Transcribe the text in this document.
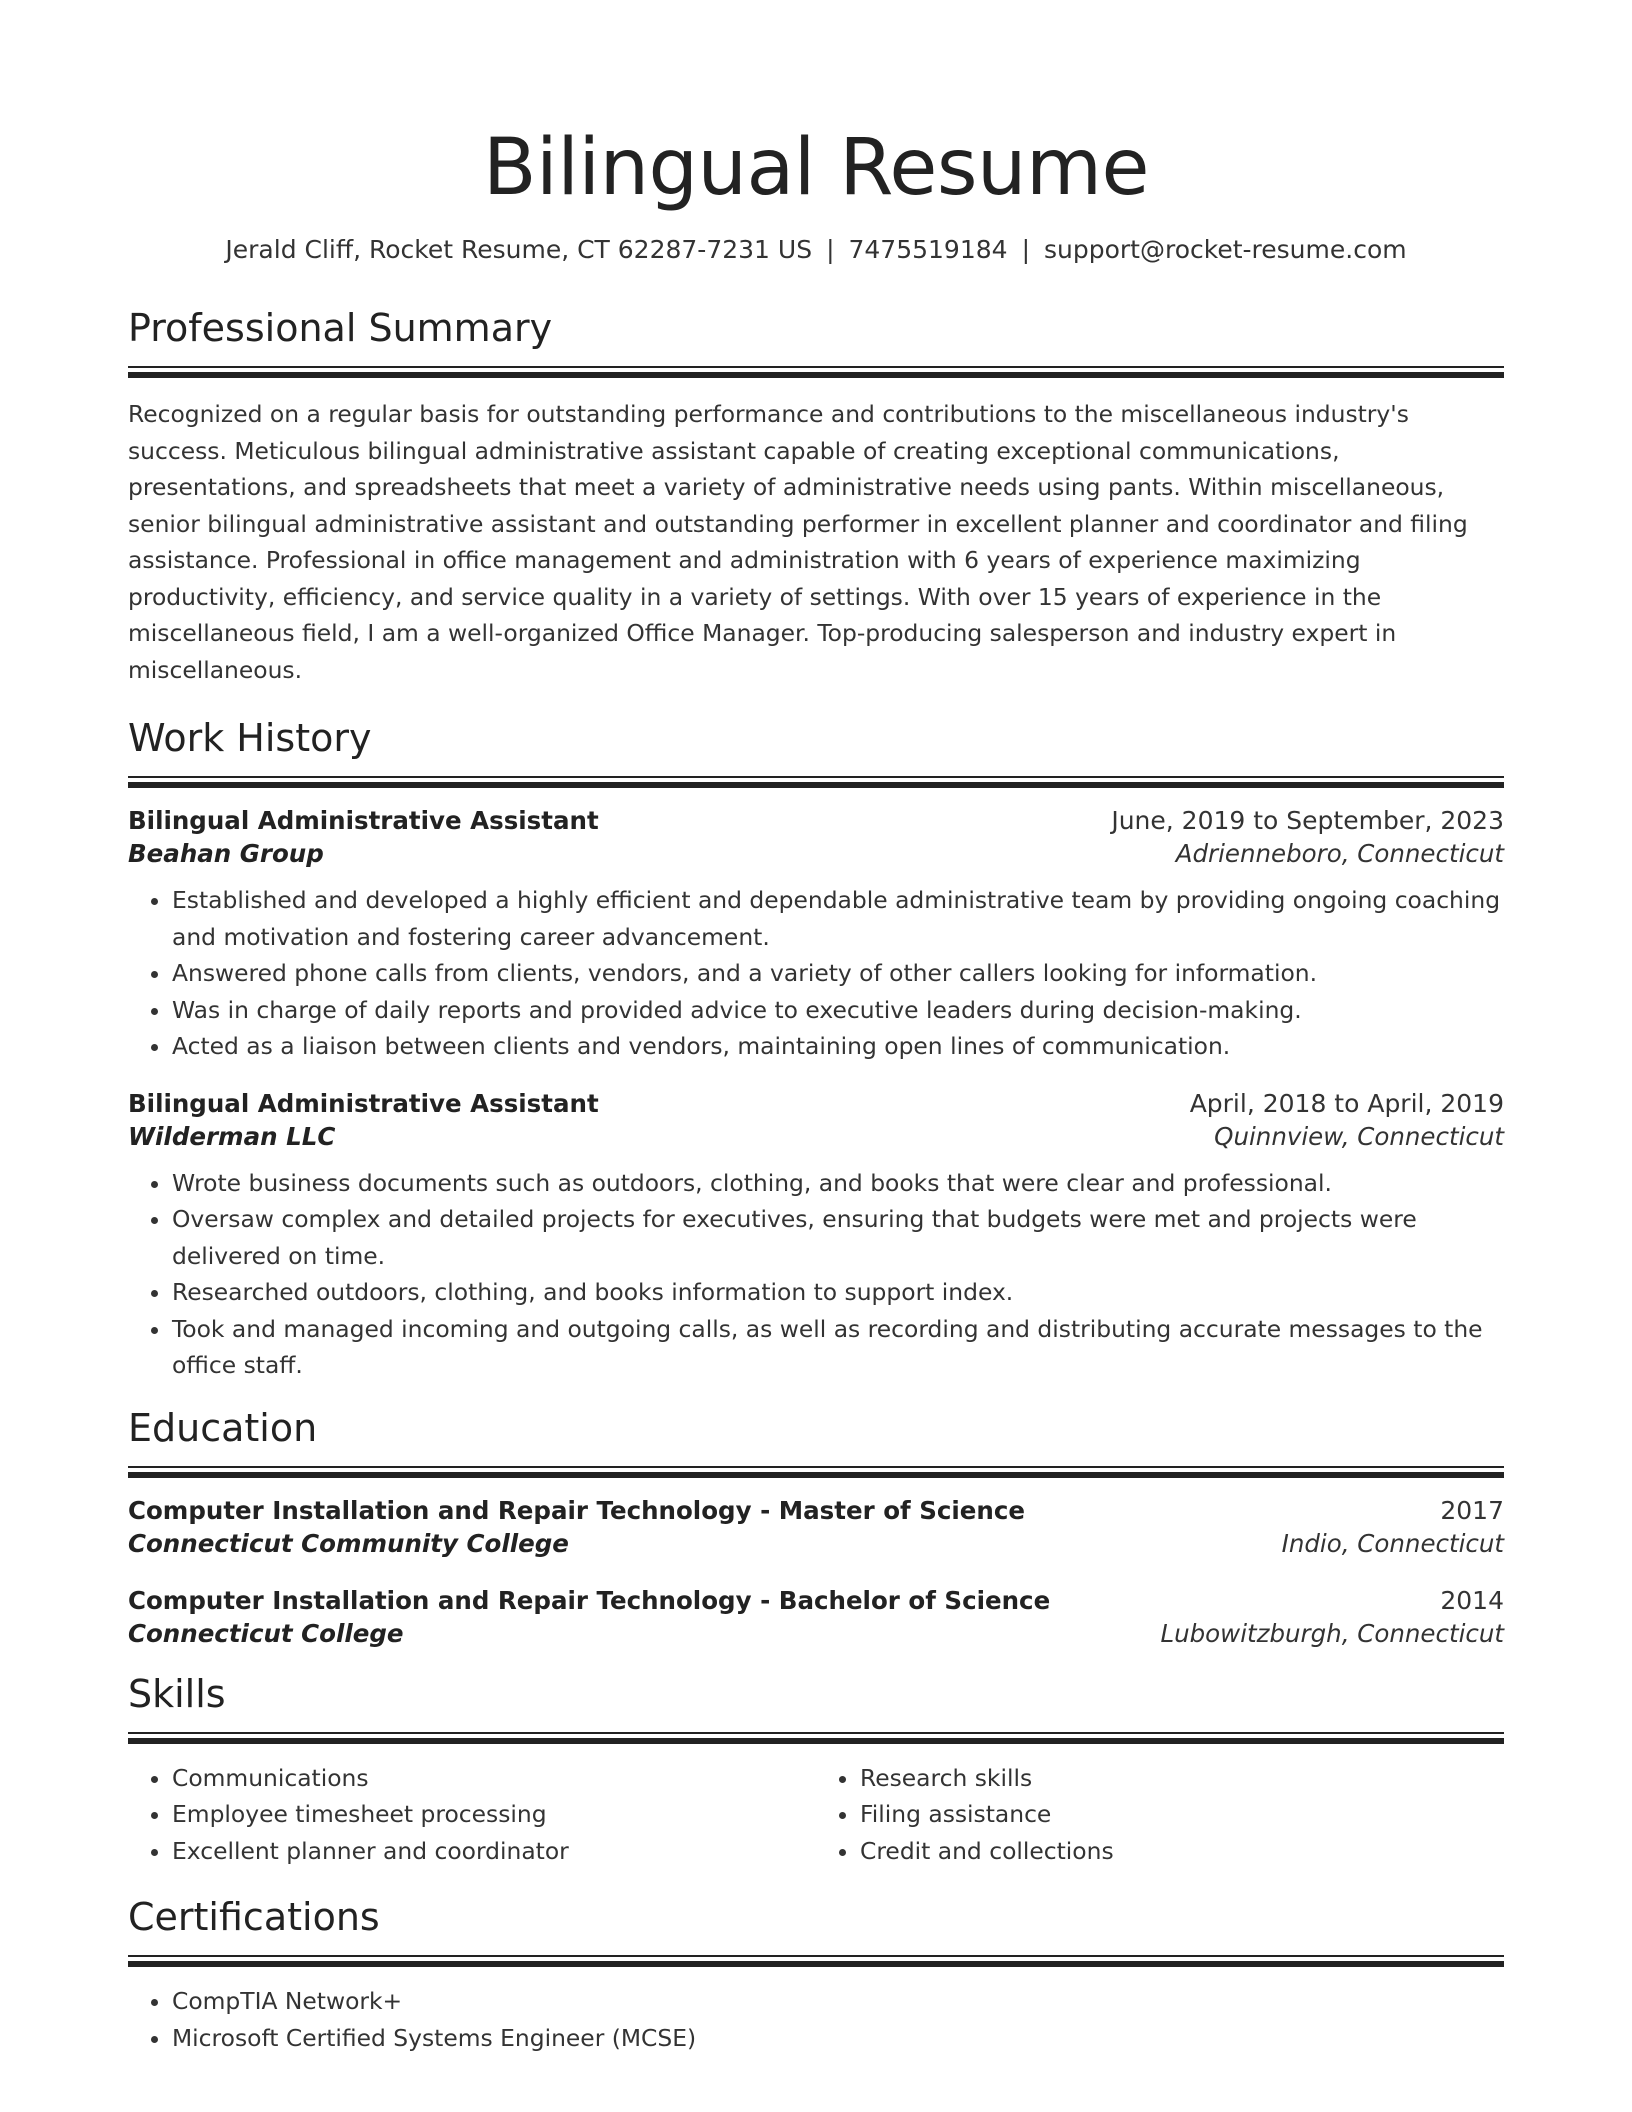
Bilingual Resume
Jerald Cliff, Rocket Resume, CT 62287-7231 US | 7475519184 | support@rocket-resume.com
Professional Summary
Recognized on a regular basis for outstanding performance and contributions to the miscellaneous industry's success. Meticulous bilingual administrative assistant capable of creating exceptional communications, presentations, and spreadsheets that meet a variety of administrative needs using pants. Within miscellaneous, senior bilingual administrative assistant and outstanding performer in excellent planner and coordinator and filing assistance. Professional in office management and administration with 6 years of experience maximizing productivity, efficiency, and service quality in a variety of settings. With over 15 years of experience in the miscellaneous field, I am a well-organized Office Manager. Top-producing salesperson and industry expert in miscellaneous.
Work History
Bilingual Administrative Assistant	June, 2019 to September, 2023
Beahan Group	Adrienneboro, Connecticut
• Established and developed a highly efficient and dependable administrative team by providing ongoing coaching and motivation and fostering career advancement.
• Answered phone calls from clients, vendors, and a variety of other callers looking for information.
• Was in charge of daily reports and provided advice to executive leaders during decision-making.
• Acted as a liaison between clients and vendors, maintaining open lines of communication.
Bilingual Administrative Assistant	April, 2018 to April, 2019
Wilderman LLC	Quinnview, Connecticut
• Wrote business documents such as outdoors, clothing, and books that were clear and professional.
• Oversaw complex and detailed projects for executives, ensuring that budgets were met and projects were delivered on time.
• Researched outdoors, clothing, and books information to support index.
• Took and managed incoming and outgoing calls, as well as recording and distributing accurate messages to the office staff.
Education
Computer Installation and Repair Technology - Master of Science	2017
Connecticut Community College	Indio, Connecticut
Computer Installation and Repair Technology - Bachelor of Science	2014
Connecticut College	Lubowitzburgh, Connecticut
Skills
• Communications
• Employee timesheet processing
• Excellent planner and coordinator
• Research skills
• Filing assistance
• Credit and collections
Certifications
• CompTIA Network+
• Microsoft Certified Systems Engineer (MCSE)
